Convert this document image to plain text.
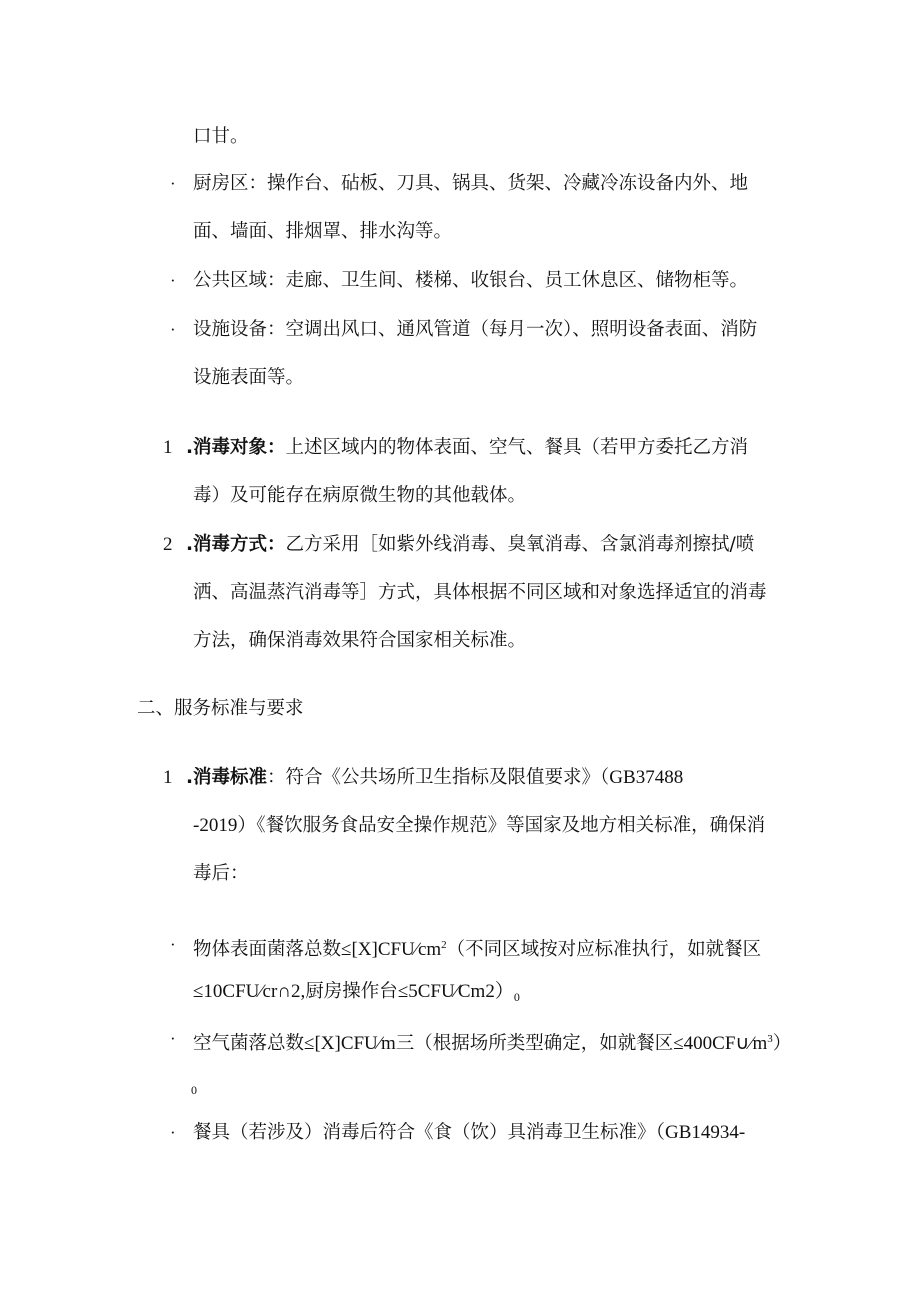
口甘。
· 厨房区：操作台、砧板、刀具、锅具、货架、冷藏冷冻设备内外、地
面、墙面、排烟罩、排水沟等。
· 公共区域：走廊、卫生间、楼梯、收银台、员工休息区、储物柜等。
· 设施设备：空调出风口、通风管道（每月一次）、照明设备表面、消防
设施表面等。
1 .消毒对象：上述区域内的物体表面、空气、餐具（若甲方委托乙方消
毒）及可能存在病原微生物的其他载体。
2 .消毒方式：乙方采用［如紫外线消毒、臭氧消毒、含氯消毒剂擦拭/喷
洒、高温蒸汽消毒等］方式，具体根据不同区域和对象选择适宜的消毒
方法，确保消毒效果符合国家相关标准。
二、服务标准与要求
1 .消毒标准：符合《公共场所卫生指标及限值要求》（GB37488
-2019）《餐饮服务食品安全操作规范》等国家及地方相关标准，确保消
毒后：
· 物体表面菌落总数$\le[X]CFU∕cm^2$（不同区域按对应标准执行，如就餐区
≤10CFU∕cr∩2,厨房操作台$\le 5CFU∕Cm2)_0$
· 空气菌落总数≤[X]CFU∕m三（根据场所类型确定，如就餐区$\le 400CF\cup∕m^3$）
0
· 餐具（若涉及）消毒后符合《食（饮）具消毒卫生标准》（GB14934-
